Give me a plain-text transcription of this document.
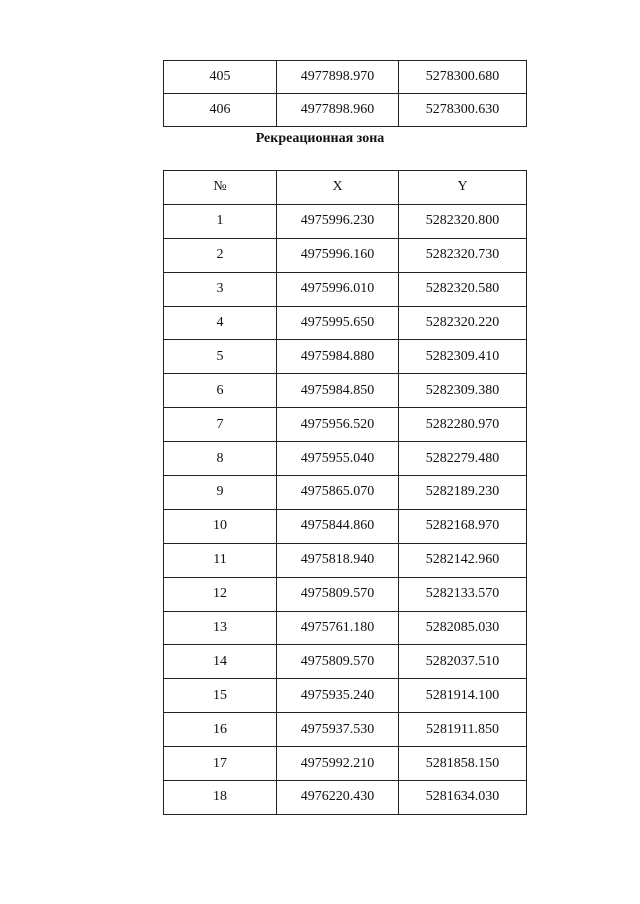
405	4977898.970	5278300.680
406	4977898.960	5278300.630
Рекреационная зона
№	X	Y
1	4975996.230	5282320.800
2	4975996.160	5282320.730
3	4975996.010	5282320.580
4	4975995.650	5282320.220
5	4975984.880	5282309.410
6	4975984.850	5282309.380
7	4975956.520	5282280.970
8	4975955.040	5282279.480
9	4975865.070	5282189.230
10	4975844.860	5282168.970
11	4975818.940	5282142.960
12	4975809.570	5282133.570
13	4975761.180	5282085.030
14	4975809.570	5282037.510
15	4975935.240	5281914.100
16	4975937.530	5281911.850
17	4975992.210	5281858.150
18	4976220.430	5281634.030
